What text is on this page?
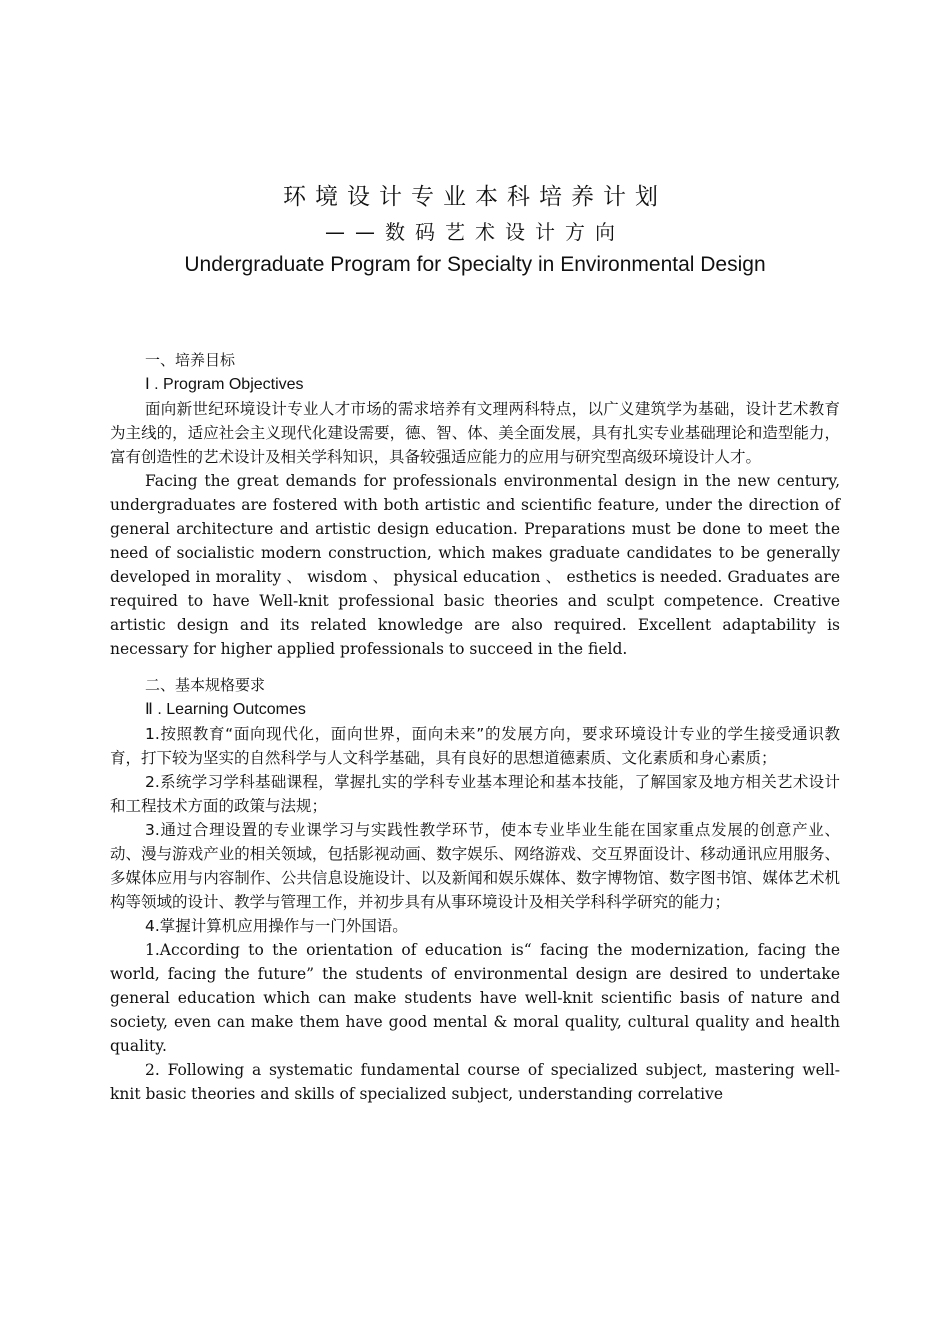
环境设计专业本科培养计划
——数码艺术设计方向
Undergraduate Program for Specialty in Environmental Design

一、培养目标

Ⅰ . Program Objectives

面向新世纪环境设计专业人才市场的需求培养有文理两科特点，以广义建筑学为基础，设计艺术教育为主线的，适应社会主义现代化建设需要，德、智、体、美全面发展，具有扎实专业基础理论和造型能力，富有创造性的艺术设计及相关学科知识，具备较强适应能力的应用与研究型高级环境设计人才。

Facing the great demands for professionals environmental design in the new century, undergraduates are fostered with both artistic and scientific feature, under the direction of general architecture and artistic design education. Preparations must be done to meet the need of socialistic modern construction, which makes graduate candidates to be generally developed in morality 、 wisdom 、 physical education 、 esthetics is needed. Graduates are required to have Well-knit professional basic theories and sculpt competence. Creative artistic design and its related knowledge are also required. Excellent adaptability is necessary for higher applied professionals to succeed in the field.

二、基本规格要求

Ⅱ . Learning Outcomes

1.按照教育“面向现代化，面向世界，面向未来”的发展方向，要求环境设计专业的学生接受通识教育，打下较为坚实的自然科学与人文科学基础，具有良好的思想道德素质、文化素质和身心素质；

2.系统学习学科基础课程，掌握扎实的学科专业基本理论和基本技能，了解国家及地方相关艺术设计和工程技术方面的政策与法规；

3.通过合理设置的专业课学习与实践性教学环节，使本专业毕业生能在国家重点发展的创意产业、动、漫与游戏产业的相关领域，包括影视动画、数字娱乐、网络游戏、交互界面设计、移动通讯应用服务、多媒体应用与内容制作、公共信息设施设计、以及新闻和娱乐媒体、数字博物馆、数字图书馆、媒体艺术机构等领域的设计、教学与管理工作，并初步具有从事环境设计及相关学科科学研究的能力；

4.掌握计算机应用操作与一门外国语。

1.According to the orientation of education is“ facing the modernization, facing the world, facing the future” the students of environmental design are desired to undertake general education which can make students have well-knit scientific basis of nature and society, even can make them have good mental & moral quality, cultural quality and health quality.

2. Following a systematic fundamental course of specialized subject, mastering well-knit basic theories and skills of specialized subject, understanding correlative
